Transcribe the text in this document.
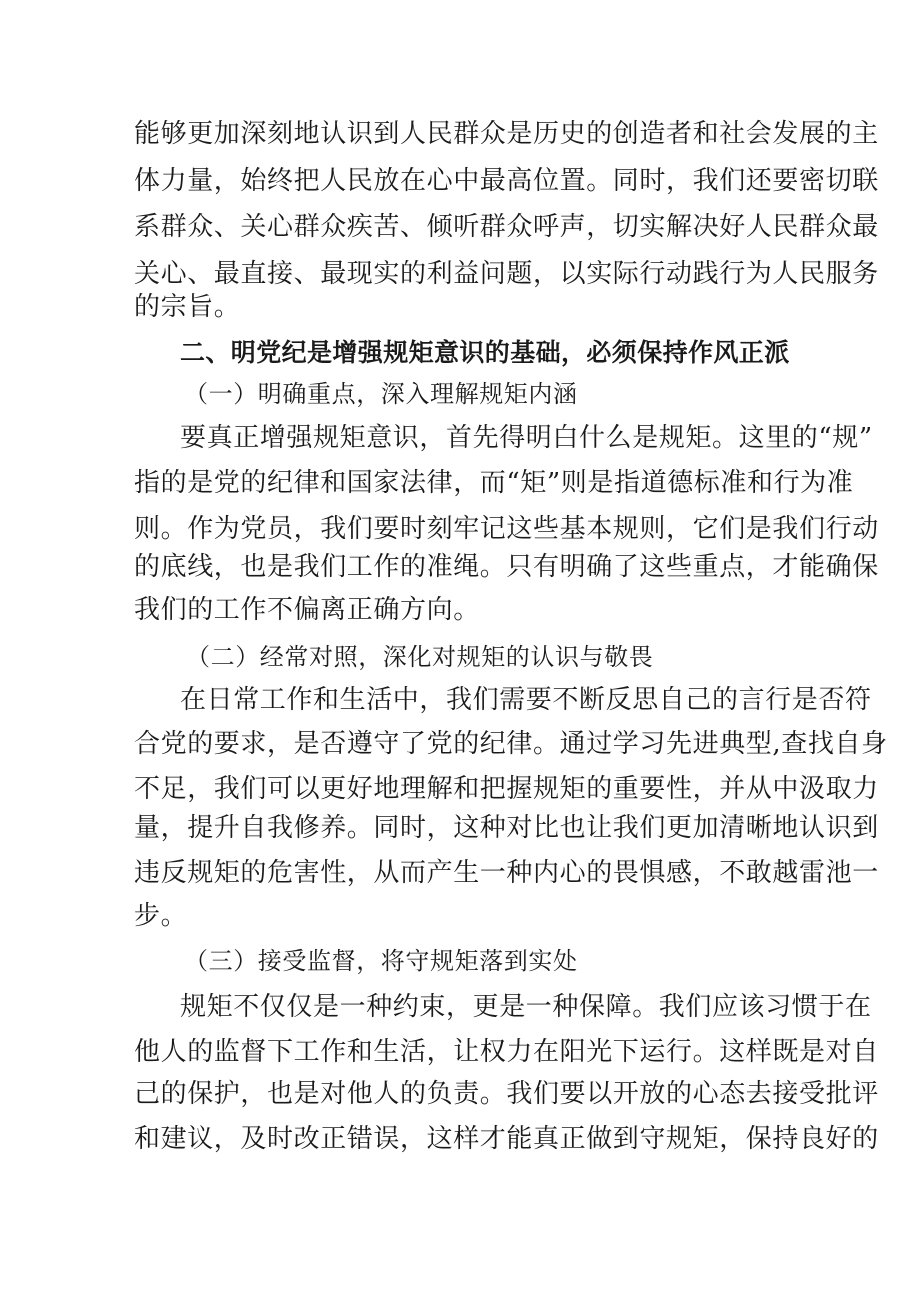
能够更加深刻地认识到人民群众是历史的创造者和社会发展的主
体力量，始终把人民放在心中最高位置。同时，我们还要密切联
系群众、关心群众疾苦、倾听群众呼声，切实解决好人民群众最
关心、最直接、最现实的利益问题，以实际行动践行为人民服务
的宗旨。
二、明党纪是增强规矩意识的基础，必须保持作风正派
（一）明确重点，深入理解规矩内涵
要真正增强规矩意识，首先得明白什么是规矩。这里的“规”
指的是党的纪律和国家法律，而“矩”则是指道德标准和行为准
则。作为党员，我们要时刻牢记这些基本规则，它们是我们行动
的底线，也是我们工作的准绳。只有明确了这些重点，才能确保
我们的工作不偏离正确方向。
（二）经常对照，深化对规矩的认识与敬畏
在日常工作和生活中，我们需要不断反思自己的言行是否符
合党的要求，是否遵守了党的纪律。通过学习先进典型,查找自身
不足，我们可以更好地理解和把握规矩的重要性，并从中汲取力
量，提升自我修养。同时，这种对比也让我们更加清晰地认识到
违反规矩的危害性，从而产生一种内心的畏惧感，不敢越雷池一
步。
（三）接受监督，将守规矩落到实处
规矩不仅仅是一种约束，更是一种保障。我们应该习惯于在
他人的监督下工作和生活，让权力在阳光下运行。这样既是对自
己的保护，也是对他人的负责。我们要以开放的心态去接受批评
和建议，及时改正错误，这样才能真正做到守规矩，保持良好的
